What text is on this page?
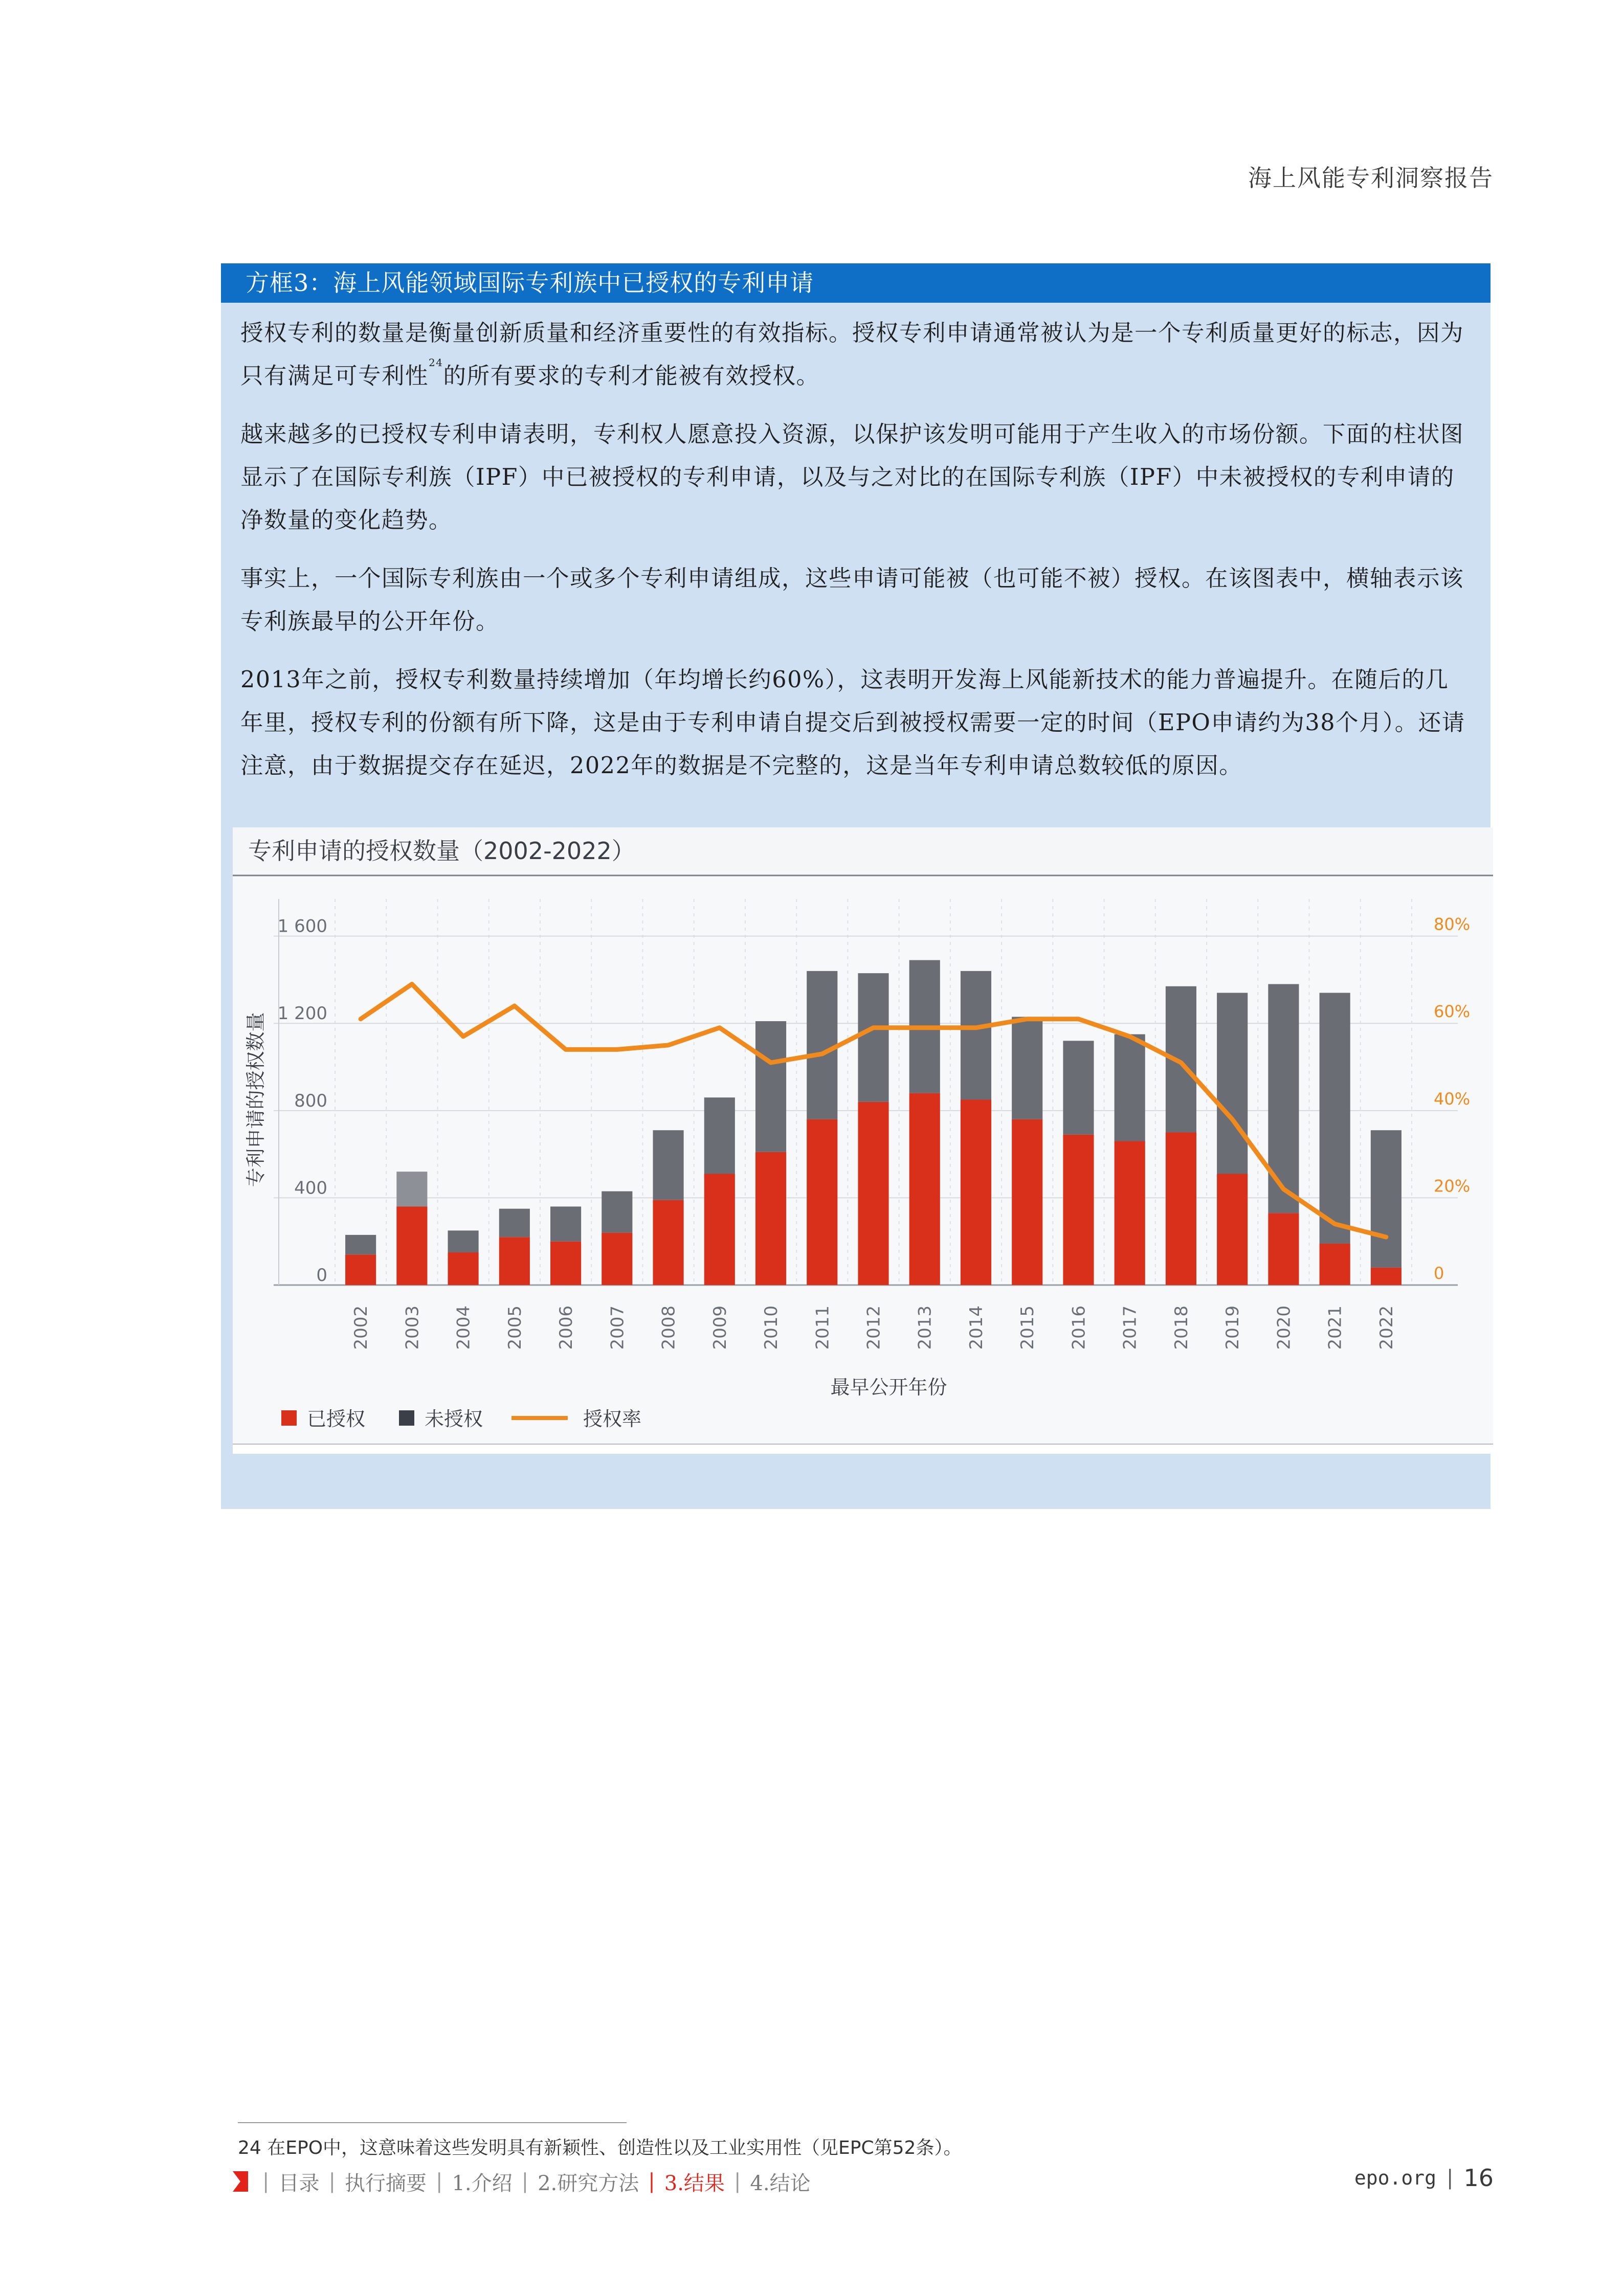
海上风能专利洞察报告
方框3：海上风能领域国际专利族中已授权的专利申请

授权专利的数量是衡量创新质量和经济重要性的有效指标。授权专利申请通常被认为是一个专利质量更好的标志，因为只有满足可专利性$^{24}$的所有要求的专利才能被有效授权。

越来越多的已授权专利申请表明，专利权人愿意投入资源，以保护该发明可能用于产生收入的市场份额。下面的柱状图显示了在国际专利族（IPF）中已被授权的专利申请，以及与之对比的在国际专利族（IPF）中未被授权的专利申请的净数量的变化趋势。

事实上，一个国际专利族由一个或多个专利申请组成，这些申请可能被（也可能不被）授权。在该图表中，横轴表示该专利族最早的公开年份。

2013年之前，授权专利数量持续增加（年均增长约60%），这表明开发海上风能新技术的能力普遍提升。在随后的几年里，授权专利的份额有所下降，这是由于专利申请自提交后到被授权需要一定的时间（EPO申请约为38个月）。还请注意，由于数据提交存在延迟，2022年的数据是不完整的，这是当年专利申请总数较低的原因。

专利申请的授权数量（2002-2022）
0
400
800
1 200
1 600
0
20%
40%
60%
80%
2002 2003 2004 2005 2006 2007 2008 2009 2010 2011 2012 2013 2014 2015 2016 2017 2018 2019 2020 2021 2022
专利申请的授权数量
最早公开年份
已授权	未授权	授权率
24 在EPO中，这意味着这些发明具有新颖性、创造性以及工业实用性（见EPC第52条）。
| 目录 | 执行摘要 | 1.介绍 | 2.研究方法 | 3.结果 | 4.结论	epo.org | 16
